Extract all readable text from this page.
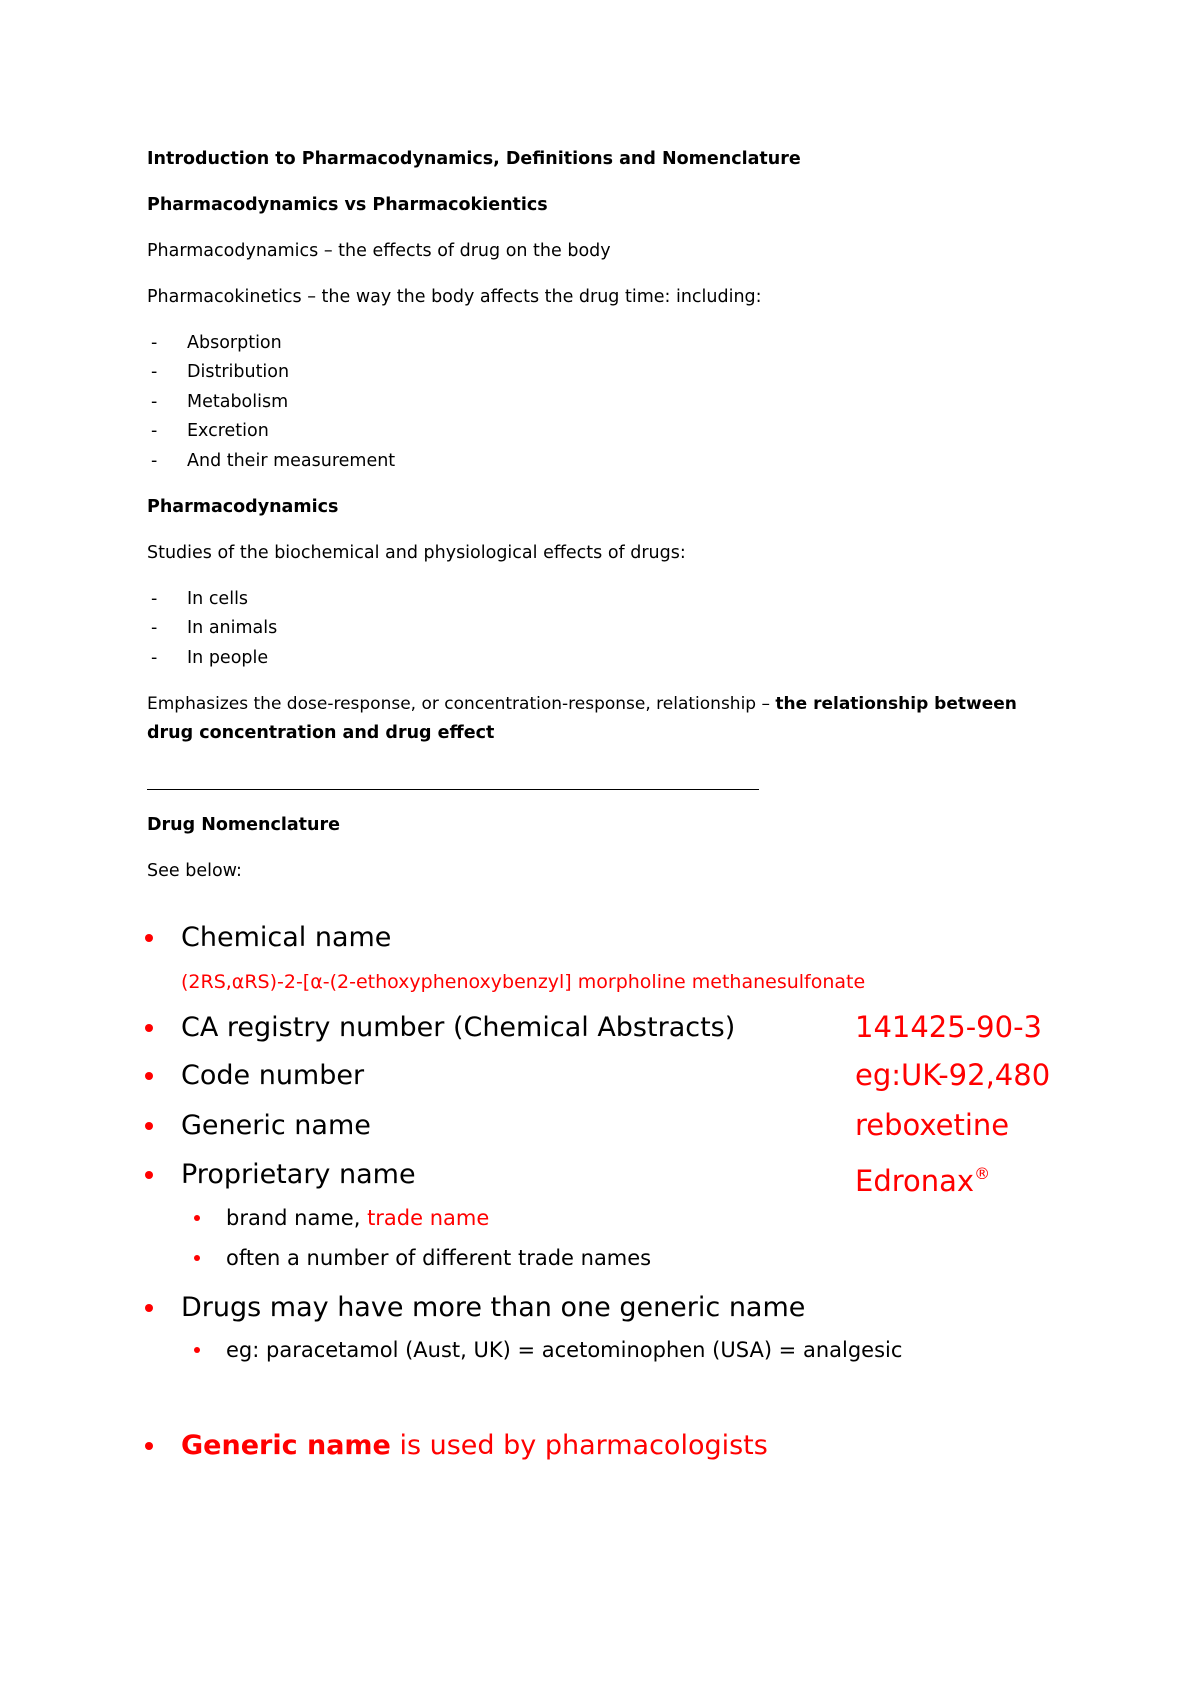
Introduction to Pharmacodynamics, Definitions and Nomenclature
Pharmacodynamics vs Pharmacokientics
Pharmacodynamics – the effects of drug on the body
Pharmacokinetics – the way the body affects the drug time: including:
- Absorption
- Distribution
- Metabolism
- Excretion
- And their measurement
Pharmacodynamics
Studies of the biochemical and physiological effects of drugs:
- In cells
- In animals
- In people
Emphasizes the dose-response, or concentration-response, relationship – the relationship between
drug concentration and drug effect
Drug Nomenclature
See below:
Chemical name
(2RS,αRS)-2-[α-(2-ethoxyphenoxybenzyl] morpholine methanesulfonate
CA registry number (Chemical Abstracts)	141425-90-3
Code number	eg:UK-92,480
Generic name	reboxetine
Proprietary name	Edronax®
brand name, trade name
often a number of different trade names
Drugs may have more than one generic name
eg: paracetamol (Aust, UK) = acetominophen (USA) = analgesic
Generic name is used by pharmacologists
